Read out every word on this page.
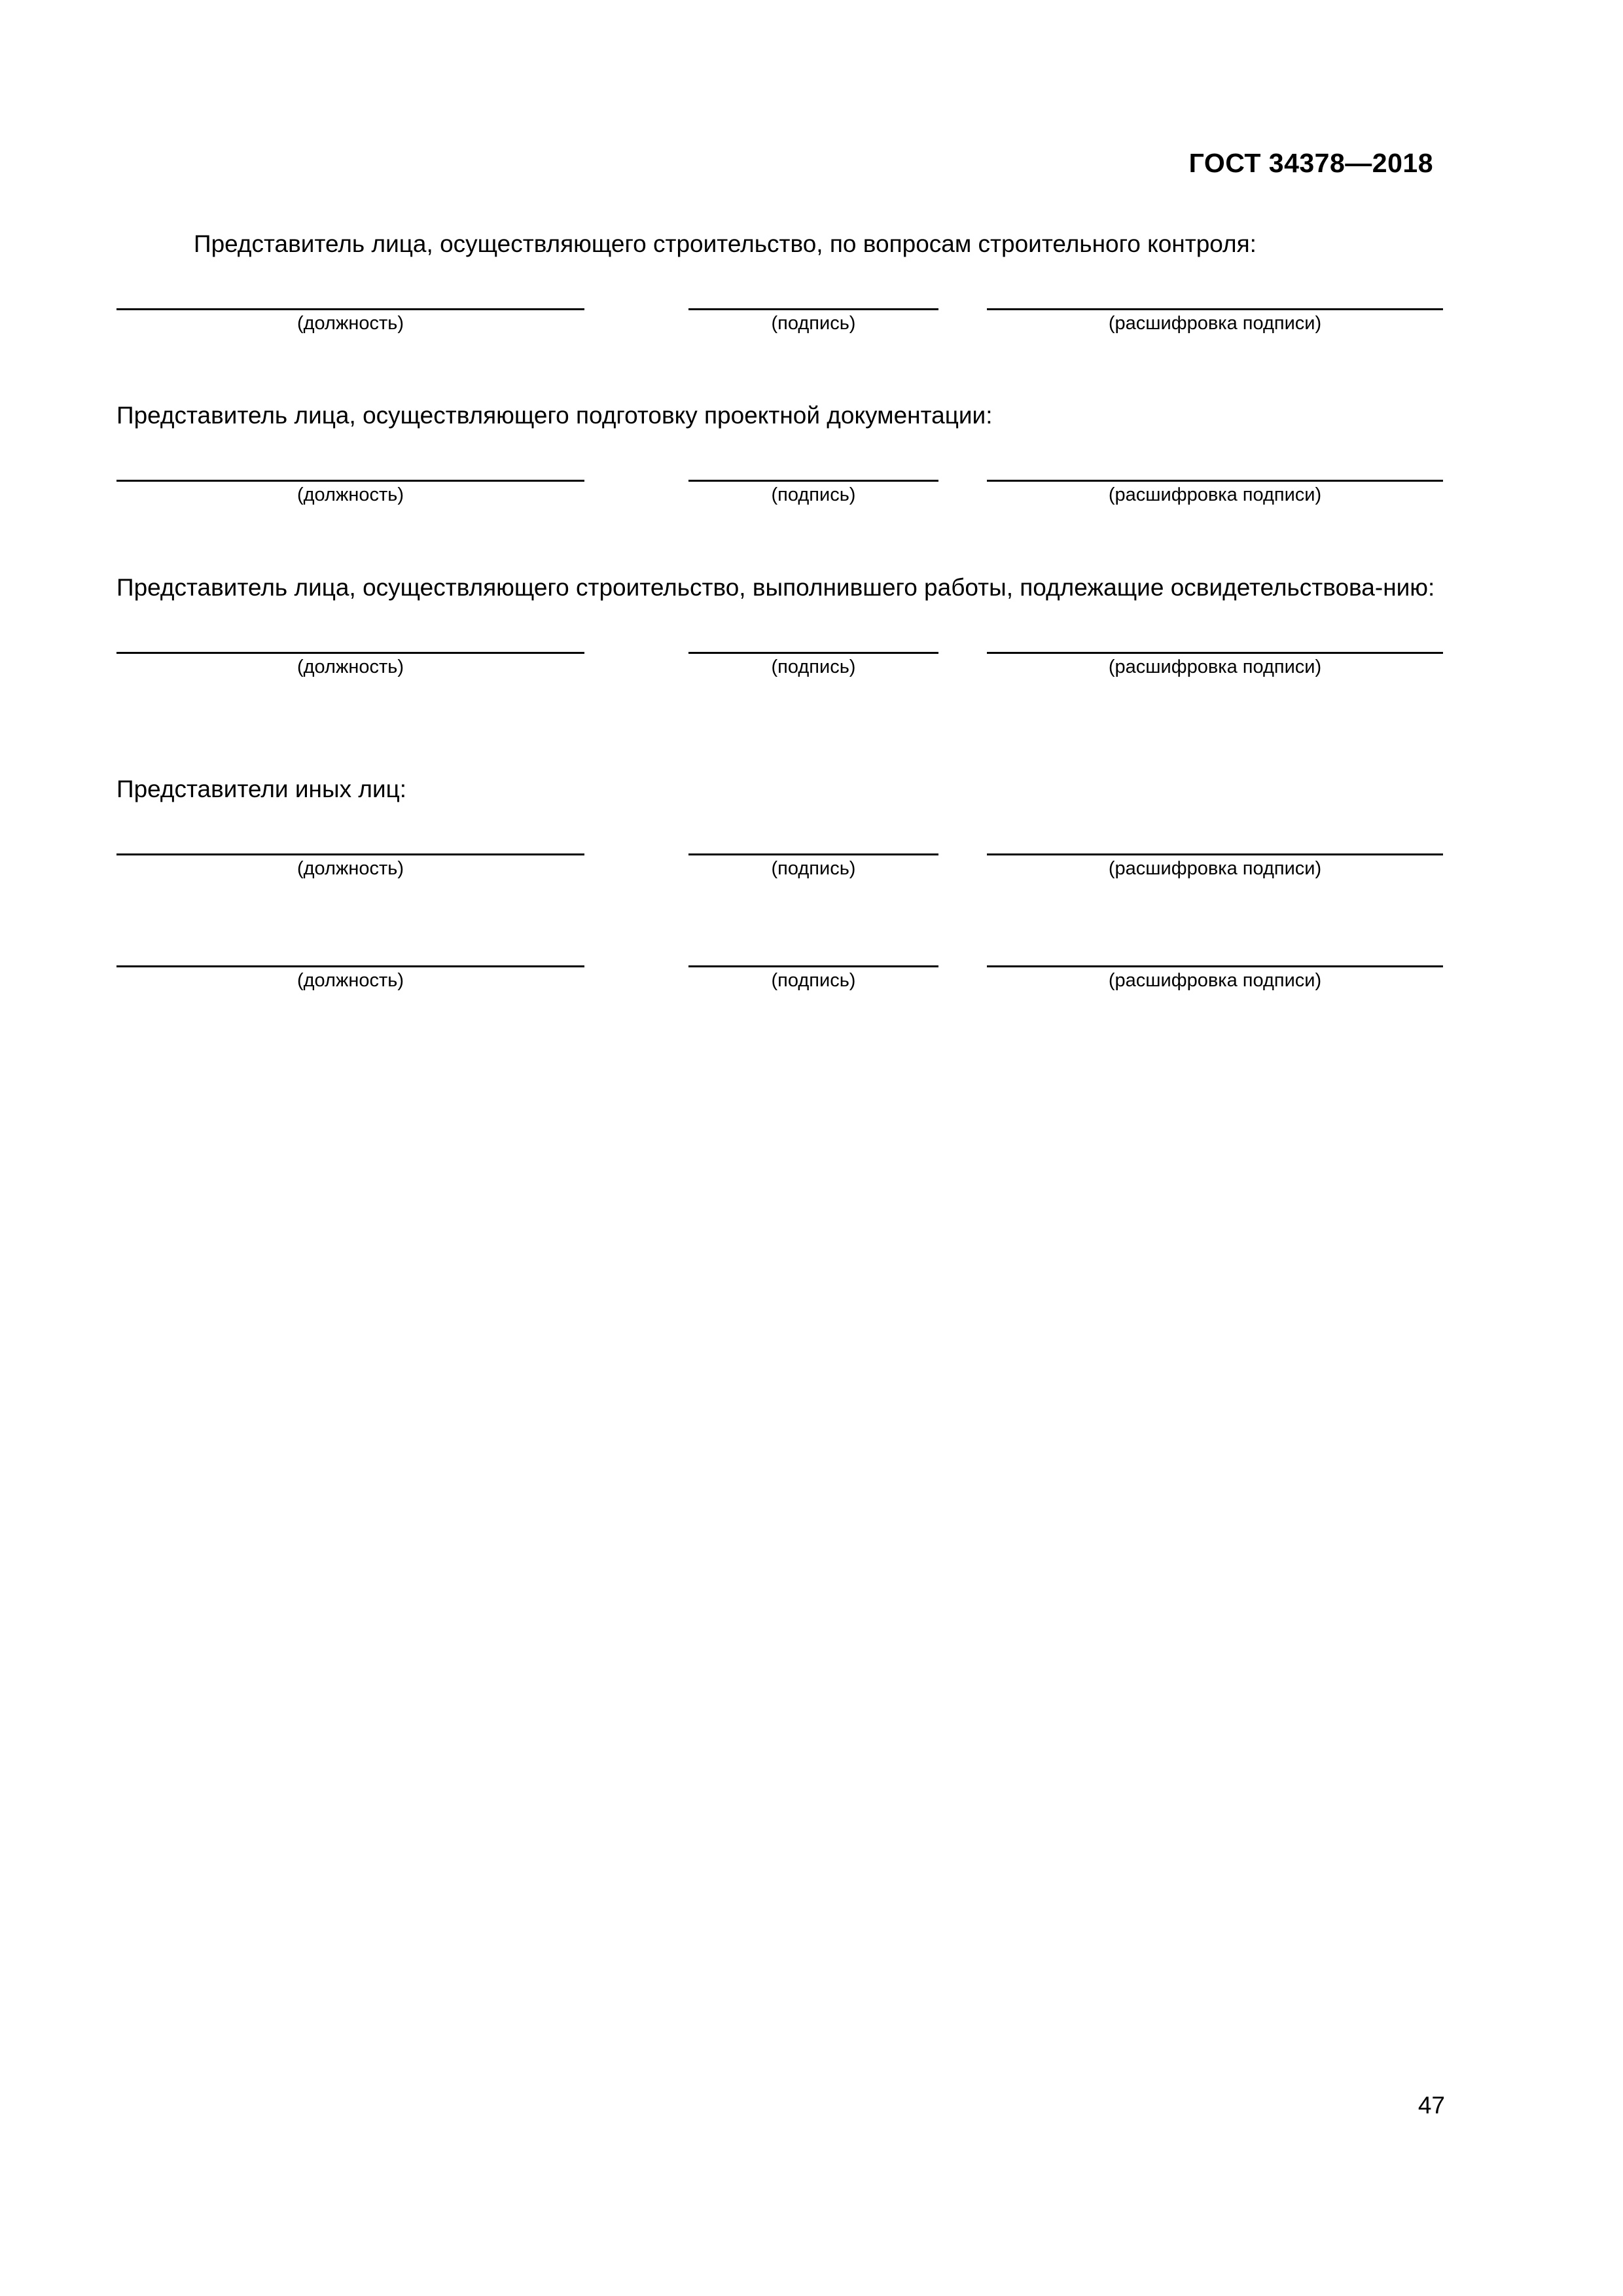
ГОСТ 34378—2018

Представитель лица, осуществляющего строительство, по вопросам строительного контроля:

(должность)	(подпись)	(расшифровка подписи)

Представитель лица, осуществляющего подготовку проектной документации:

(должность)	(подпись)	(расшифровка подписи)

Представитель лица, осуществляющего строительство, выполнившего работы, подлежащие освидетельствова-нию:

(должность)	(подпись)	(расшифровка подписи)

Представители иных лиц:

(должность)	(подпись)	(расшифровка подписи)
(должность)	(подпись)	(расшифровка подписи)
47
